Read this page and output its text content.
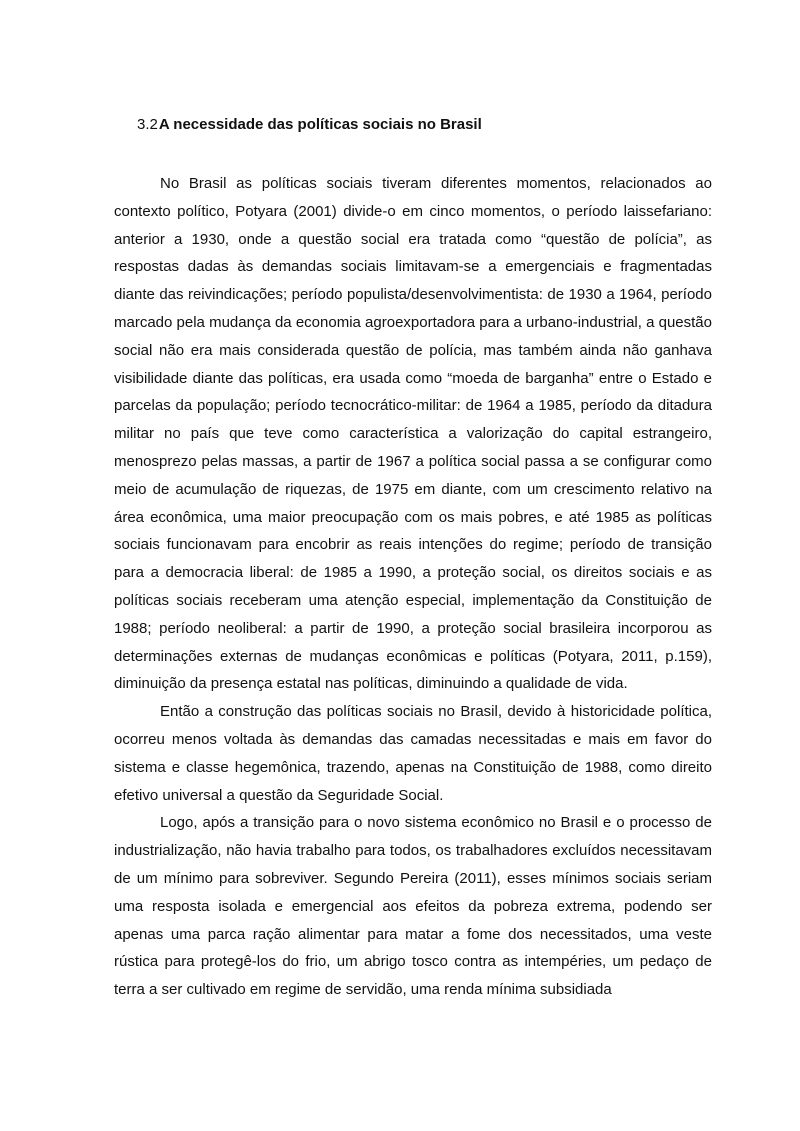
3.2A necessidade das políticas sociais no Brasil

No Brasil as políticas sociais tiveram diferentes momentos, relacionados ao contexto político, Potyara (2001) divide-o em cinco momentos, o período laissefariano: anterior a 1930, onde a questão social era tratada como “questão de polícia”, as respostas dadas às demandas sociais limitavam-se a emergenciais e fragmentadas diante das reivindicações; período populista/desenvolvimentista: de 1930 a 1964, período marcado pela mudança da economia agroexportadora para a urbano-industrial, a questão social não era mais considerada questão de polícia, mas também ainda não ganhava visibilidade diante das políticas, era usada como “moeda de barganha” entre o Estado e parcelas da população; período tecnocrático-militar: de 1964 a 1985, período da ditadura militar no país que teve como característica a valorização do capital estrangeiro, menosprezo pelas massas, a partir de 1967 a política social passa a se configurar como meio de acumulação de riquezas, de 1975 em diante, com um crescimento relativo na área econômica, uma maior preocupação com os mais pobres, e até 1985 as políticas sociais funcionavam para encobrir as reais intenções do regime; período de transição para a democracia liberal: de 1985 a 1990, a proteção social, os direitos sociais e as políticas sociais receberam uma atenção especial, implementação da Constituição de 1988; período neoliberal: a partir de 1990, a proteção social brasileira incorporou as determinações externas de mudanças econômicas e políticas (Potyara, 2011, p.159), diminuição da presença estatal nas políticas, diminuindo a qualidade de vida.

Então a construção das políticas sociais no Brasil, devido à historicidade política, ocorreu menos voltada às demandas das camadas necessitadas e mais em favor do sistema e classe hegemônica, trazendo, apenas na Constituição de 1988, como direito efetivo universal a questão da Seguridade Social.

Logo, após a transição para o novo sistema econômico no Brasil e o processo de industrialização, não havia trabalho para todos, os trabalhadores excluídos necessitavam de um mínimo para sobreviver. Segundo Pereira (2011), esses mínimos sociais seriam uma resposta isolada e emergencial aos efeitos da pobreza extrema, podendo ser apenas uma parca ração alimentar para matar a fome dos necessitados, uma veste rústica para protegê-los do frio, um abrigo tosco contra as intempéries, um pedaço de terra a ser cultivado em regime de servidão, uma renda mínima subsidiada
